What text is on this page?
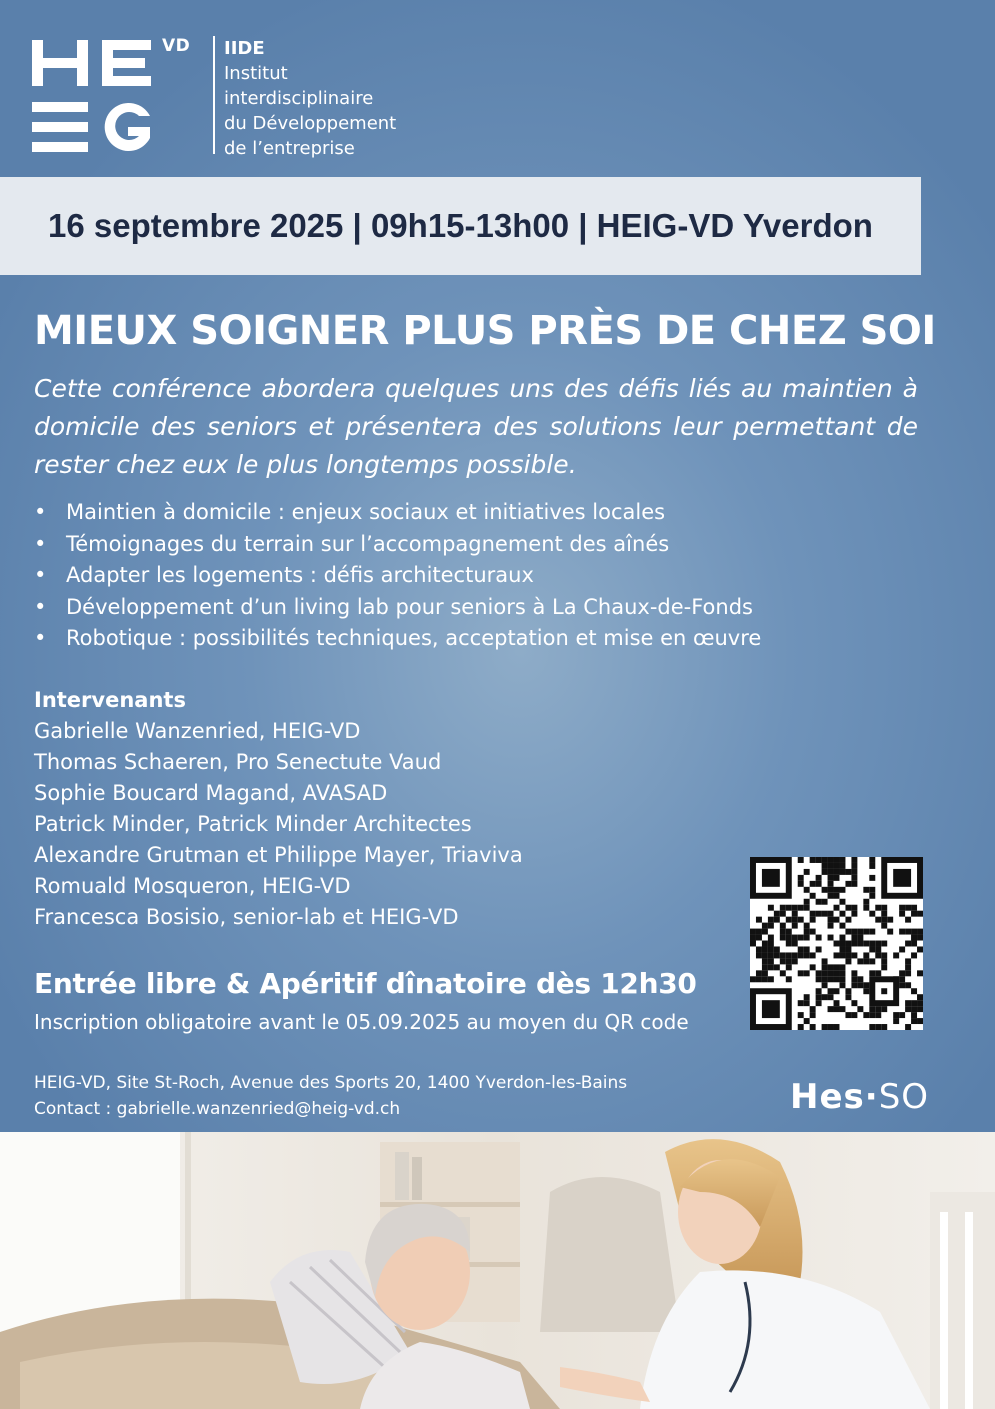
VD IIDE
Institut
interdisciplinaire
du Développement
de l’entreprise
16 septembre 2025 | 09h15-13h00 | HEIG-VD Yverdon
MIEUX SOIGNER PLUS PRÈS DE CHEZ SOI
Cette conférence abordera quelques uns des défis liés au maintien à domicile des seniors et présentera des solutions leur permettant de rester chez eux le plus longtemps possible.
• Maintien à domicile : enjeux sociaux et initiatives locales
• Témoignages du terrain sur l’accompagnement des aînés
• Adapter les logements : défis architecturaux
• Développement d’un living lab pour seniors à La Chaux-de-Fonds
• Robotique : possibilités techniques, acceptation et mise en œuvre
Intervenants
Gabrielle Wanzenried, HEIG-VD
Thomas Schaeren, Pro Senectute Vaud
Sophie Boucard Magand, AVASAD
Patrick Minder, Patrick Minder Architectes
Alexandre Grutman et Philippe Mayer, Triaviva
Romuald Mosqueron, HEIG-VD
Francesca Bosisio, senior-lab et HEIG-VD
Entrée libre & Apéritif dînatoire dès 12h30
Inscription obligatoire avant le 05.09.2025 au moyen du QR code
HEIG-VD, Site St-Roch, Avenue des Sports 20, 1400 Yverdon-les-Bains
Contact : gabrielle.wanzenried@heig-vd.ch	Hes·SO
